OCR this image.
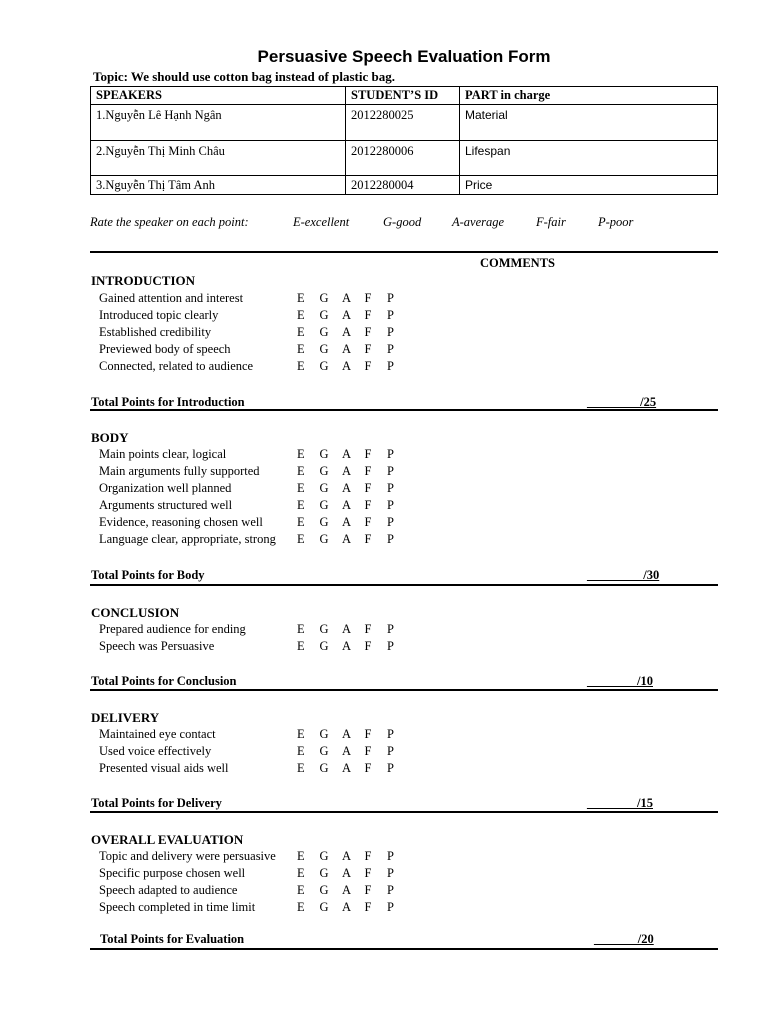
Persuasive Speech Evaluation Form
Topic: We should use cotton bag instead of plastic bag.
SPEAKERS	STUDENT’S ID	PART in charge
1.Nguyễn Lê Hạnh Ngân	2012280025	Material
2.Nguyễn Thị Minh Châu	2012280006	Lifespan
3.Nguyễn Thị Tâm Anh	2012280004	Price
Rate the speaker on each point:	E-excellent	G-good A-average	F-fair	P-poor
COMMENTS
INTRODUCTION
Gained attention and interest	E G A F P
Introduced topic clearly	E G A F P
Established credibility	E G A F P
Previewed body of speech	E G A F P
Connected, related to audience	E G A F P
Total Points for Introduction	___ _____/25
BODY
Main points clear, logical	E G A F P
Main arguments fully supported	E G A F P
Organization well planned	E G A F P
Arguments structured well	E G A F P
Evidence, reasoning chosen well	E G A F P
Language clear, appropriate, strong E G A F P
Total Points for Body	_________/30
CONCLUSION
Prepared audience for ending	E G A F P
Speech was Persuasive	E G A F P
Total Points for Conclusion	________/10
DELIVERY
Maintained eye contact	E G A F P
Used voice effectively	E G A F P
Presented visual aids well	E G A F P
Total Points for Delivery	________/15
OVERALL EVALUATION
Topic and delivery were persuasive E G A F P
Specific purpose chosen well	E G A F P
Speech adapted to audience	E G A F P
Speech completed in time limit	E G A F P
Total Points for Evaluation	_______/20
